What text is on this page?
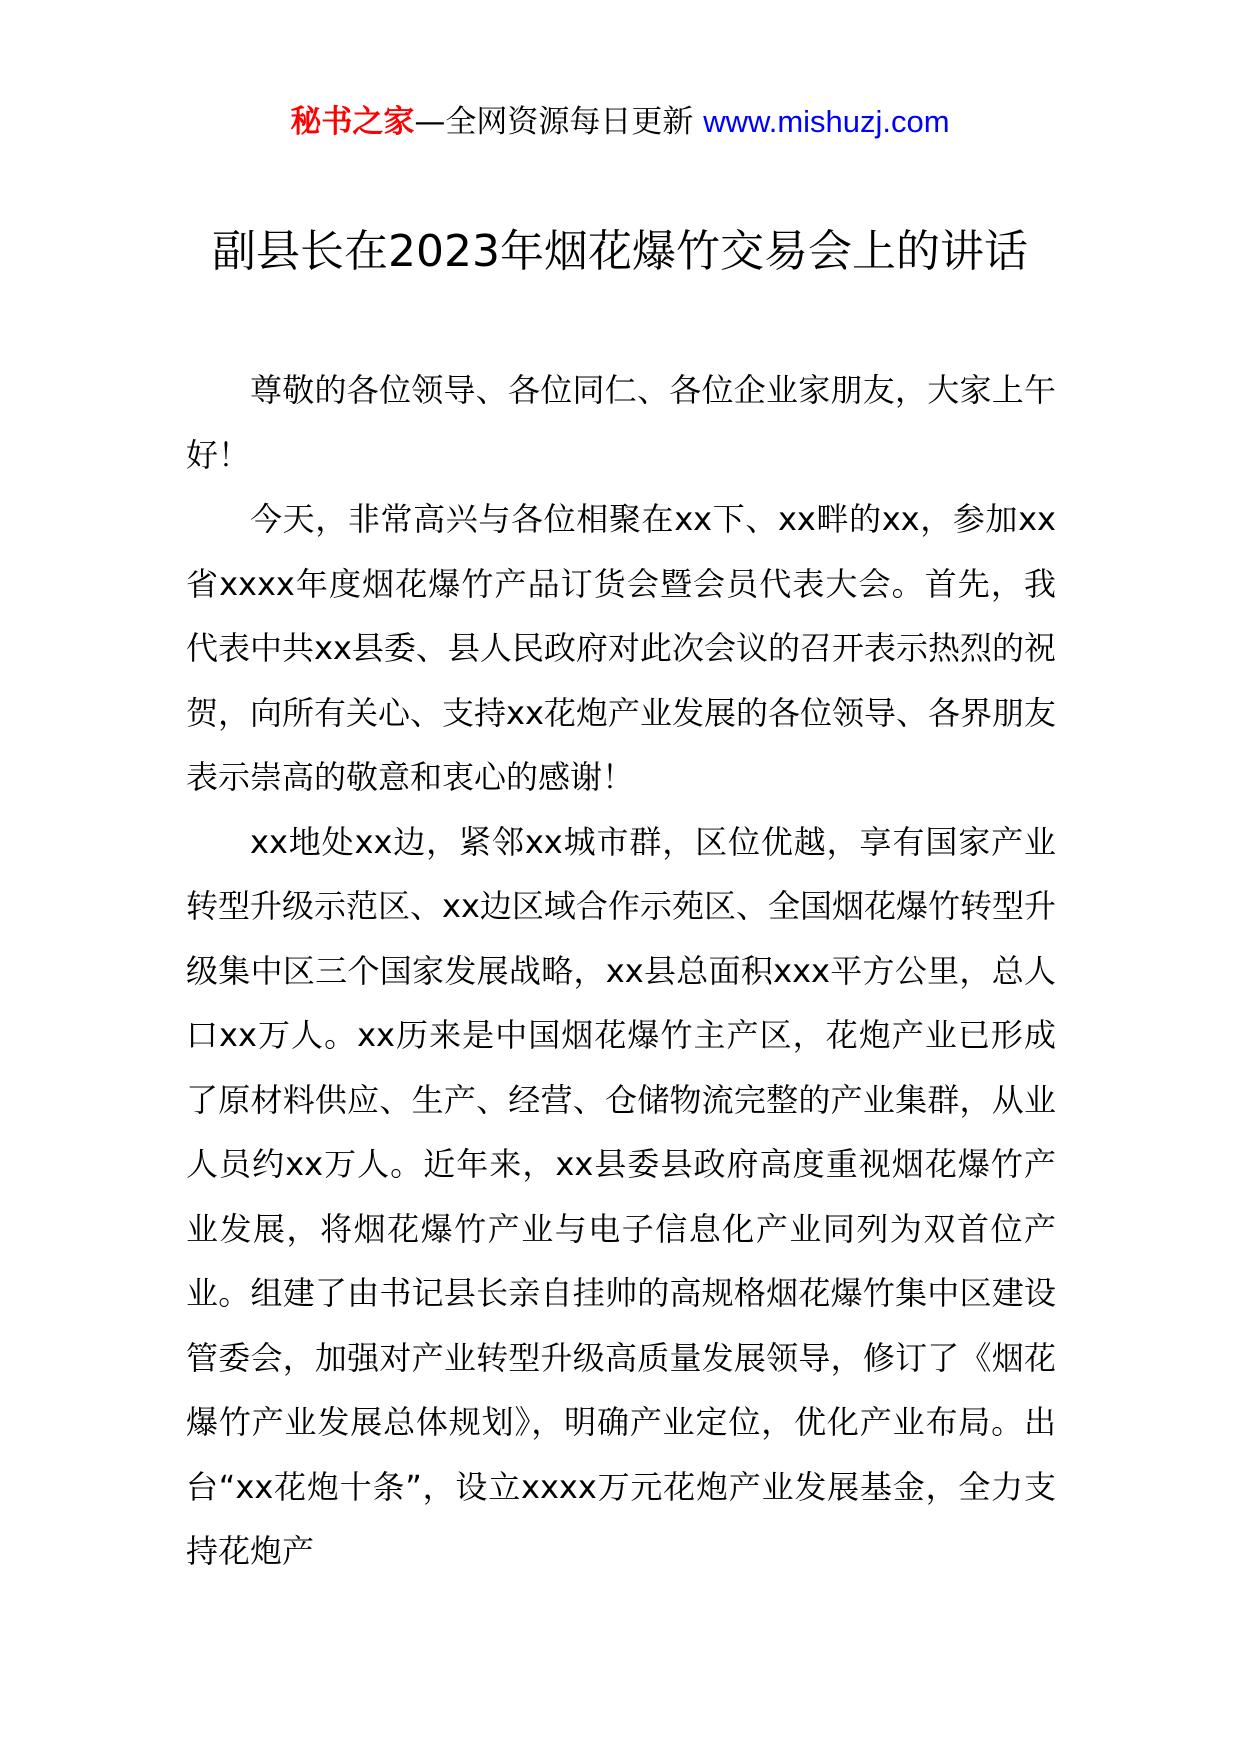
秘书之家—全网资源每日更新 www.mishuzj.com
副县长在2023年烟花爆竹交易会上的讲话

尊敬的各位领导、各位同仁、各位企业家朋友，大家上午好！

今天，非常高兴与各位相聚在xx下、xx畔的xx，参加xx省xxxx年度烟花爆竹产品订货会暨会员代表大会。首先，我代表中共xx县委、县人民政府对此次会议的召开表示热烈的祝贺，向所有关心、支持xx花炮产业发展的各位领导、各界朋友表示崇高的敬意和衷心的感谢！

xx地处xx边，紧邻xx城市群，区位优越，享有国家产业转型升级示范区、xx边区域合作示苑区、全国烟花爆竹转型升级集中区三个国家发展战略，xx县总面积xxx平方公里，总人口xx万人。xx历来是中国烟花爆竹主产区，花炮产业已形成了原材料供应、生产、经营、仓储物流完整的产业集群，从业人员约xx万人。近年来，xx县委县政府高度重视烟花爆竹产业发展，将烟花爆竹产业与电子信息化产业同列为双首位产业。组建了由书记县长亲自挂帅的高规格烟花爆竹集中区建设管委会，加强对产业转型升级高质量发展领导，修订了《烟花爆竹产业发展总体规划》，明确产业定位，优化产业布局。出台“xx花炮十条”，设立xxxx万元花炮产业发展基金，全力支持花炮产
